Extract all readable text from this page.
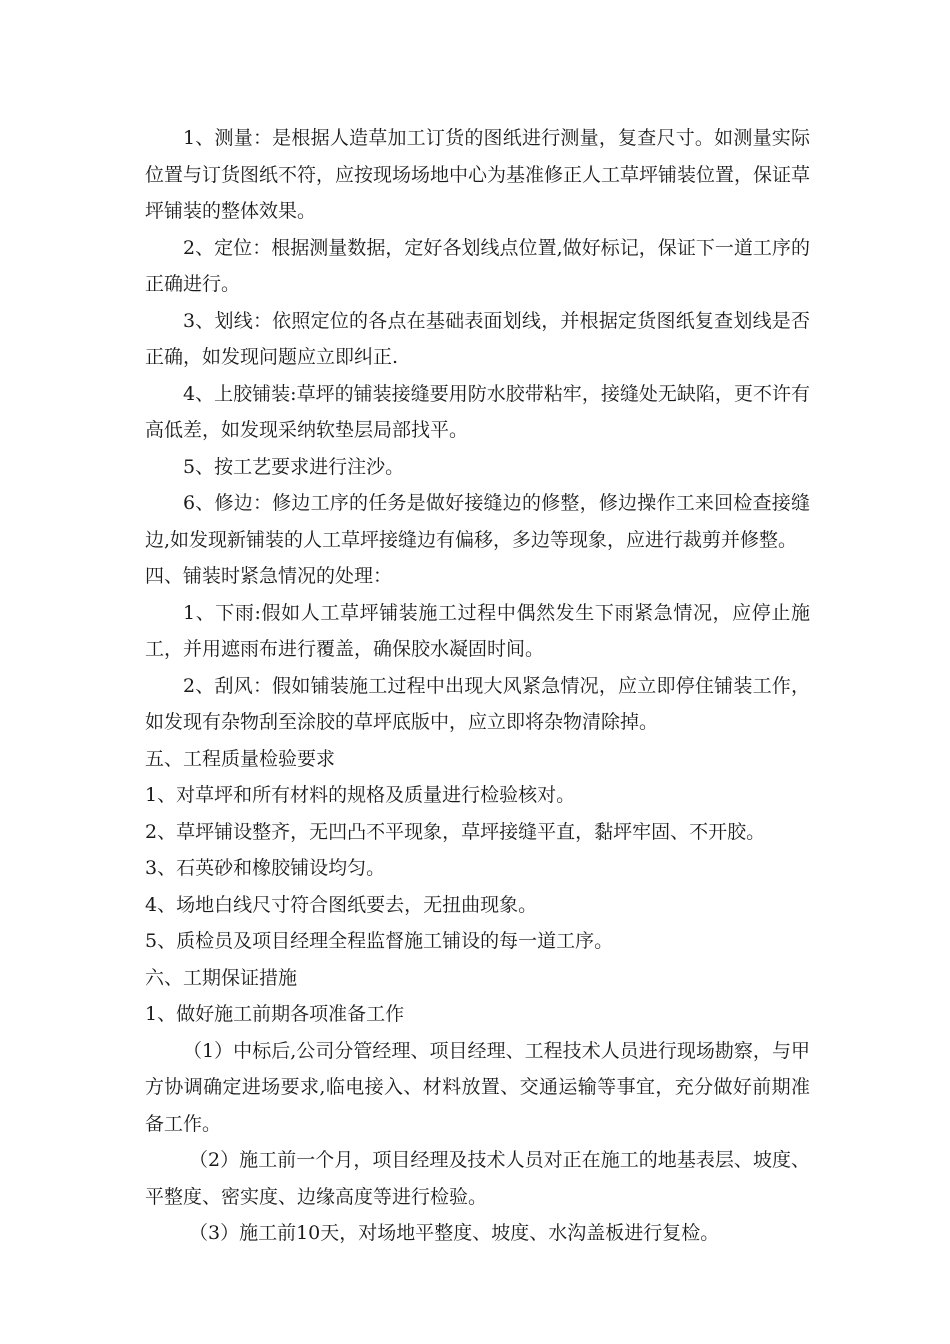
1、测量：是根据人造草加工订货的图纸进行测量，复查尺寸。如测量实际位置与订货图纸不符，应按现场场地中心为基准修正人工草坪铺装位置，保证草坪铺装的整体效果。

2、定位：根据测量数据，定好各划线点位置,做好标记，保证下一道工序的正确进行。

3、划线：依照定位的各点在基础表面划线，并根据定货图纸复查划线是否正确，如发现问题应立即纠正.

4、上胶铺装:草坪的铺装接缝要用防水胶带粘牢，接缝处无缺陷，更不许有高低差，如发现采纳软垫层局部找平。

5、按工艺要求进行注沙。

6、修边：修边工序的任务是做好接缝边的修整，修边操作工来回检查接缝边,如发现新铺装的人工草坪接缝边有偏移，多边等现象，应进行裁剪并修整。

四、铺装时紧急情况的处理：

1、下雨:假如人工草坪铺装施工过程中偶然发生下雨紧急情况，应停止施工，并用遮雨布进行覆盖，确保胶水凝固时间。

2、刮风：假如铺装施工过程中出现大风紧急情况，应立即停住铺装工作，如发现有杂物刮至涂胶的草坪底版中，应立即将杂物清除掉。

五、工程质量检验要求

1、对草坪和所有材料的规格及质量进行检验核对。

2、草坪铺设整齐，无凹凸不平现象，草坪接缝平直，黏坪牢固、不开胶。

3、石英砂和橡胶铺设均匀。

4、场地白线尺寸符合图纸要去，无扭曲现象。

5、质检员及项目经理全程监督施工铺设的每一道工序。

六、工期保证措施

1、做好施工前期各项准备工作

（1）中标后,公司分管经理、项目经理、工程技术人员进行现场勘察，与甲方协调确定进场要求,临电接入、材料放置、交通运输等事宜，充分做好前期准备工作。

（2）施工前一个月，项目经理及技术人员对正在施工的地基表层、坡度、平整度、密实度、边缘高度等进行检验。

（3）施工前10天，对场地平整度、坡度、水沟盖板进行复检。
